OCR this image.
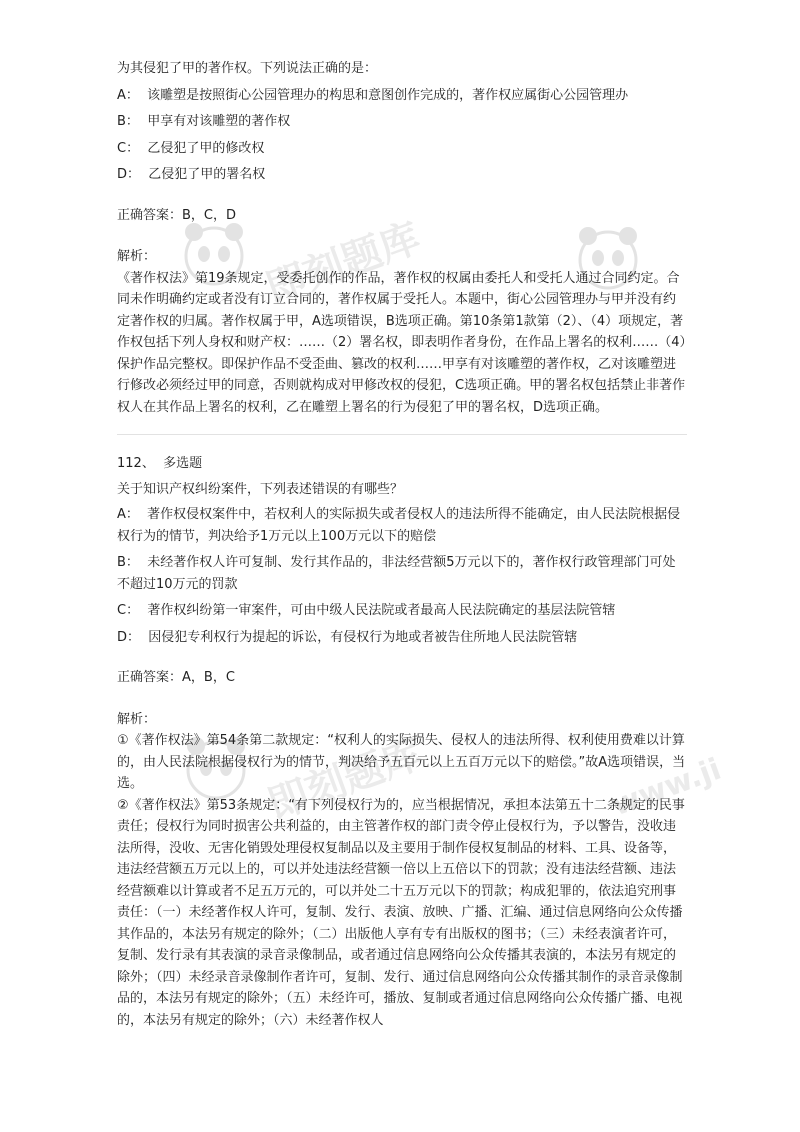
即刻题库
即刻题库	www.ji

为其侵犯了甲的著作权。下列说法正确的是：

A： 该雕塑是按照街心公园管理办的构思和意图创作完成的，著作权应属街心公园管理办

B： 甲享有对该雕塑的著作权

C： 乙侵犯了甲的修改权

D： 乙侵犯了甲的署名权

正确答案：B，C，D

解析：

《著作权法》第19条规定，受委托创作的作品，著作权的权属由委托人和受托人通过合同约定。合同未作明确约定或者没有订立合同的，著作权属于受托人。本题中，街心公园管理办与甲并没有约定著作权的归属。著作权属于甲，A选项错误，B选项正确。第10条第1款第（2）、（4）项规定，著作权包括下列人身权和财产权：……（2）署名权，即表明作者身份，在作品上署名的权利……（4）保护作品完整权。即保护作品不受歪曲、篡改的权利……甲享有对该雕塑的著作权，乙对该雕塑进行修改必须经过甲的同意，否则就构成对甲修改权的侵犯，C选项正确。甲的署名权包括禁止非著作权人在其作品上署名的权利，乙在雕塑上署名的行为侵犯了甲的署名权，D选项正确。

112、 多选题

关于知识产权纠纷案件，下列表述错误的有哪些？

A： 著作权侵权案件中，若权利人的实际损失或者侵权人的违法所得不能确定，由人民法院根据侵权行为的情节，判决给予1万元以上100万元以下的赔偿

B： 未经著作权人许可复制、发行其作品的，非法经营额5万元以下的，著作权行政管理部门可处不超过10万元的罚款

C： 著作权纠纷第一审案件，可由中级人民法院或者最高人民法院确定的基层法院管辖

D： 因侵犯专利权行为提起的诉讼，有侵权行为地或者被告住所地人民法院管辖

正确答案：A，B，C

解析：

①《著作权法》第54条第二款规定：“权利人的实际损失、侵权人的违法所得、权利使用费难以计算的，由人民法院根据侵权行为的情节，判决给予五百元以上五百万元以下的赔偿。”故A选项错误，当选。

②《著作权法》第53条规定：“有下列侵权行为的，应当根据情况，承担本法第五十二条规定的民事责任；侵权行为同时损害公共利益的，由主管著作权的部门责令停止侵权行为，予以警告，没收违法所得，没收、无害化销毁处理侵权复制品以及主要用于制作侵权复制品的材料、工具、设备等，违法经营额五万元以上的，可以并处违法经营额一倍以上五倍以下的罚款；没有违法经营额、违法经营额难以计算或者不足五万元的，可以并处二十五万元以下的罚款；构成犯罪的，依法追究刑事责任：（一）未经著作权人许可，复制、发行、表演、放映、广播、汇编、通过信息网络向公众传播其作品的，本法另有规定的除外；（二）出版他人享有专有出版权的图书；（三）未经表演者许可，复制、发行录有其表演的录音录像制品，或者通过信息网络向公众传播其表演的，本法另有规定的除外；（四）未经录音录像制作者许可，复制、发行、通过信息网络向公众传播其制作的录音录像制品的，本法另有规定的除外；（五）未经许可，播放、复制或者通过信息网络向公众传播广播、电视的，本法另有规定的除外；（六）未经著作权人
